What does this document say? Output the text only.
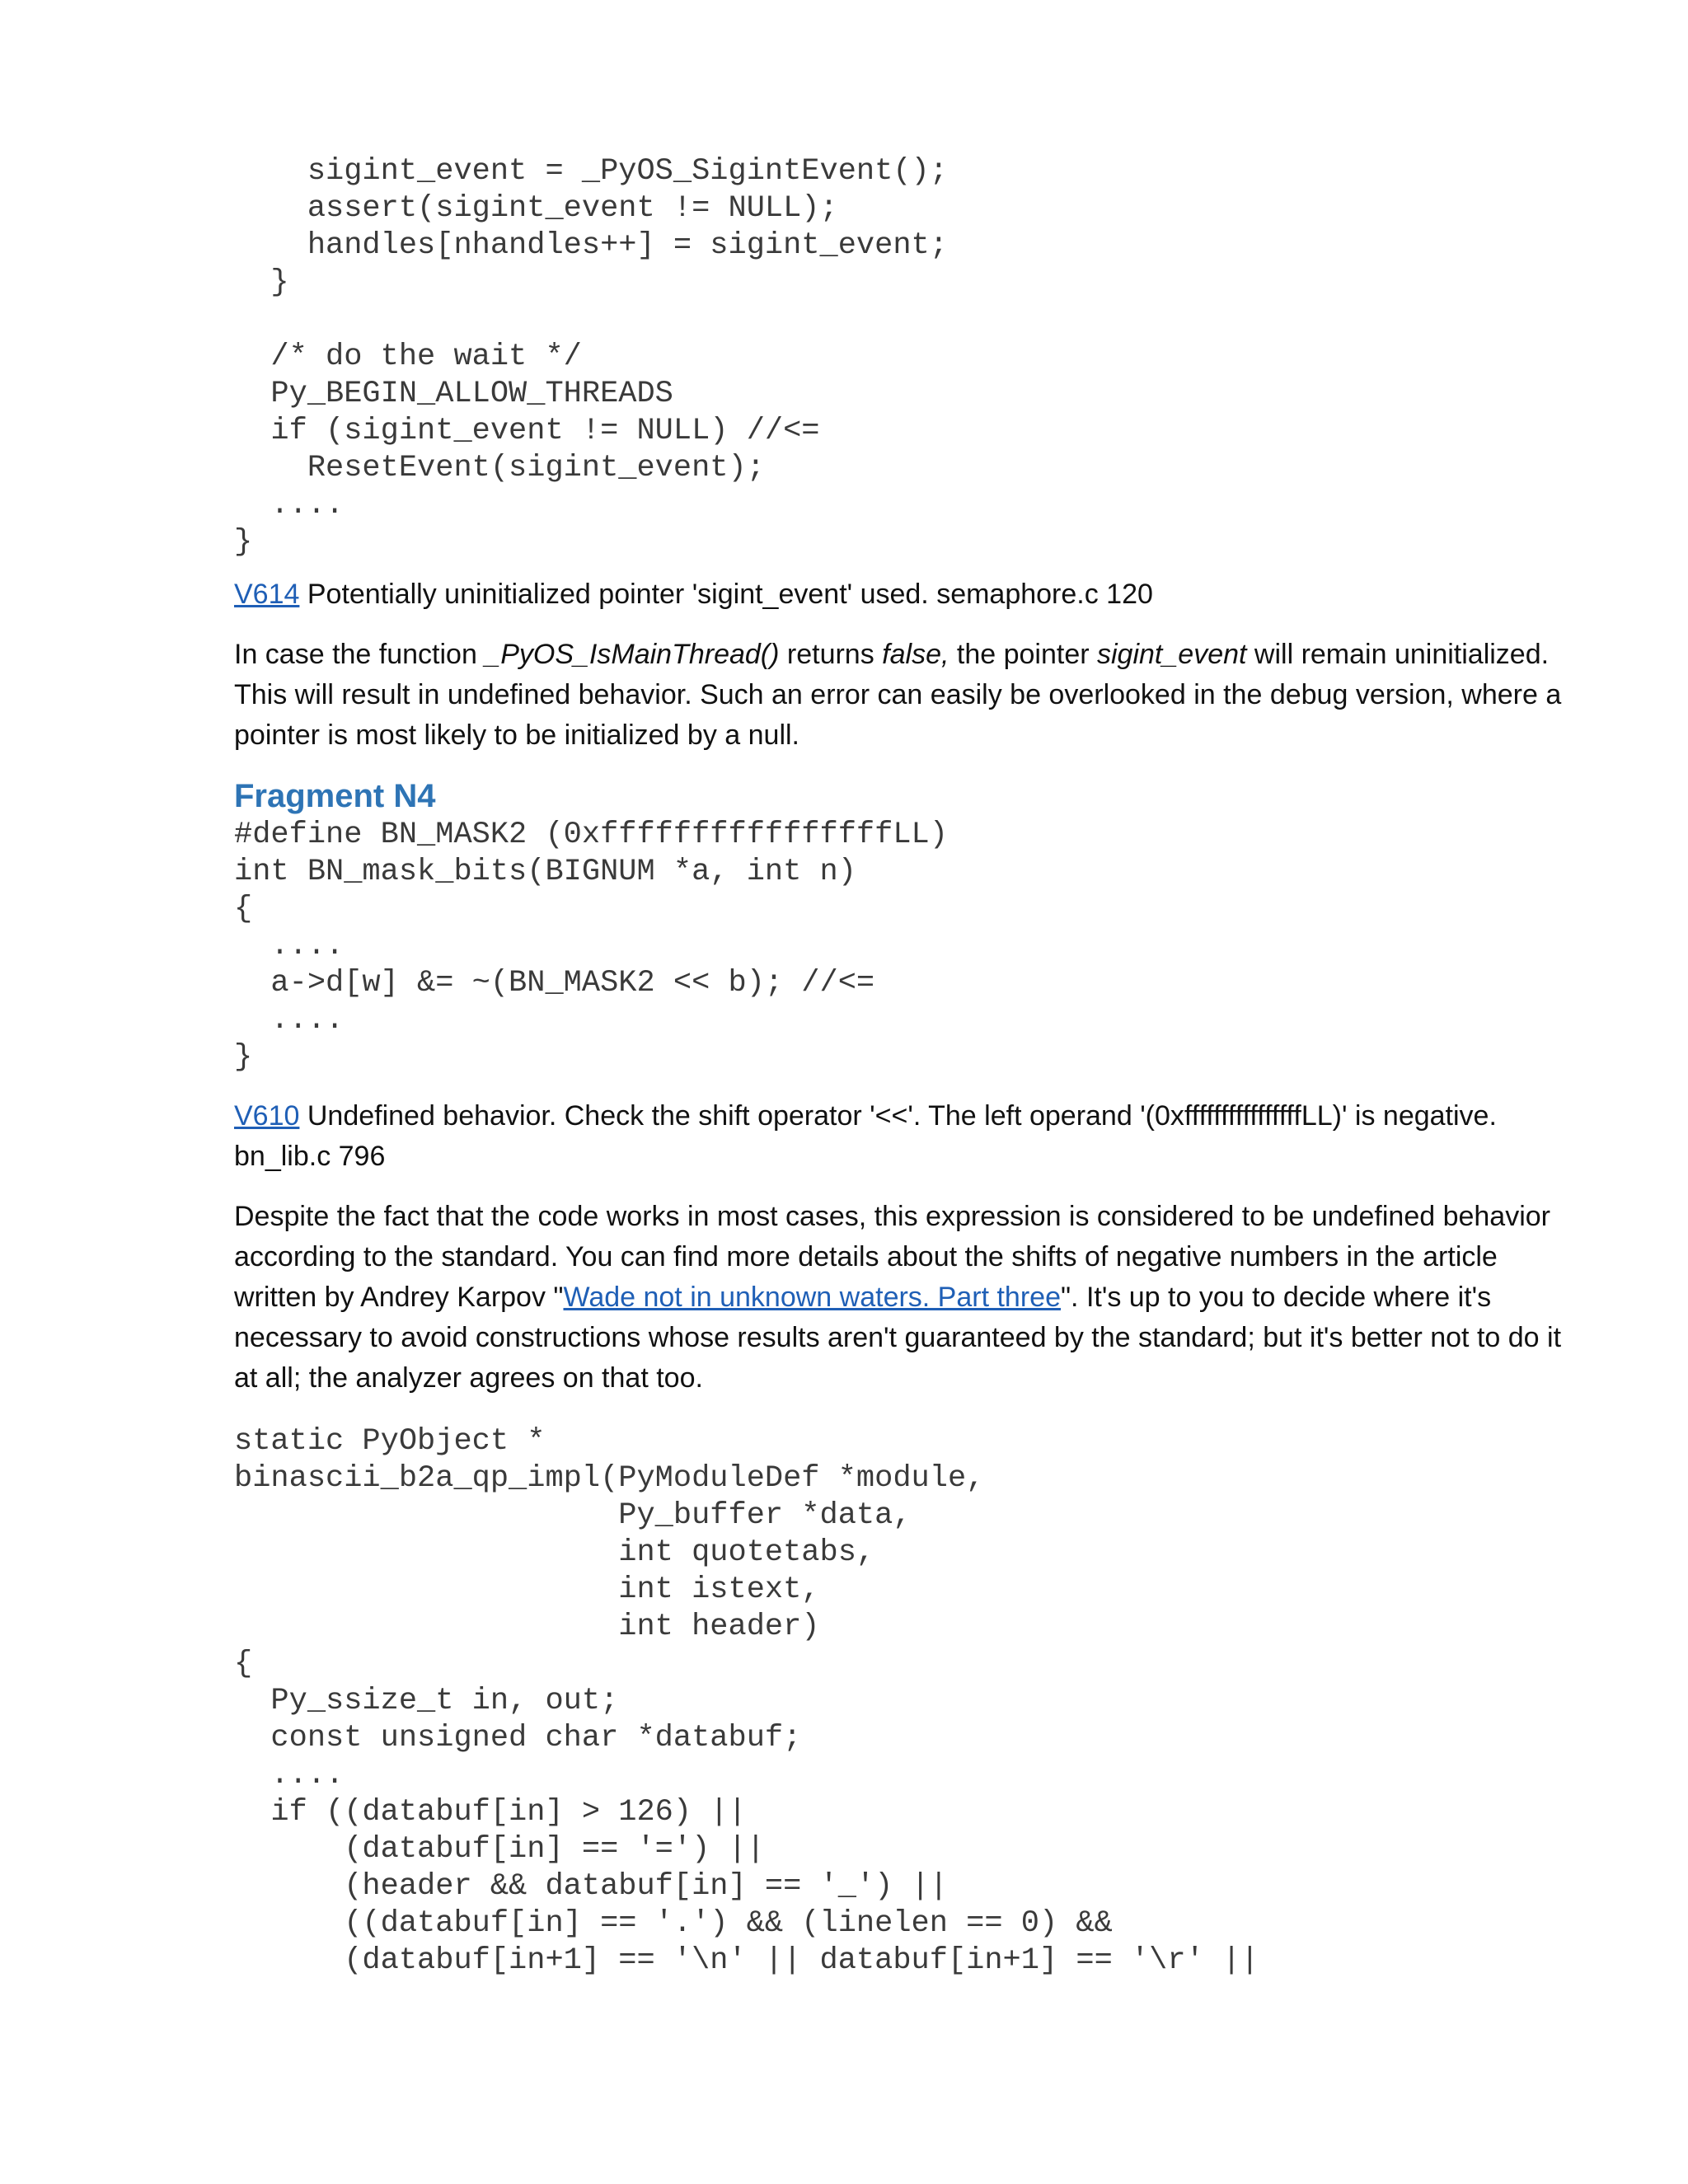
sigint_event = _PyOS_SigintEvent();
assert(sigint_event != NULL);
handles[nhandles++] = sigint_event;
}

/* do the wait */
Py_BEGIN_ALLOW_THREADS
if (sigint_event != NULL) //<=
ResetEvent(sigint_event);
....
}

V614 Potentially uninitialized pointer 'sigint_event' used. semaphore.c 120

In case the function _PyOS_IsMainThread() returns false, the pointer sigint_event will remain uninitialized. This will result in undefined behavior. Such an error can easily be overlooked in the debug version, where a pointer is most likely to be initialized by a null.

Fragment N4
#define BN_MASK2 (0xffffffffffffffffLL)
int BN_mask_bits(BIGNUM *a, int n)
{
....
a->d[w] &= ~(BN_MASK2 << b); //<=
....
}

V610 Undefined behavior. Check the shift operator '<<'. The left operand '(0xffffffffffffffffLL)' is negative. bn_lib.c 796

Despite the fact that the code works in most cases, this expression is considered to be undefined behavior according to the standard. You can find more details about the shifts of negative numbers in the article written by Andrey Karpov "Wade not in unknown waters. Part three". It's up to you to decide where it's necessary to avoid constructions whose results aren't guaranteed by the standard; but it's better not to do it at all; the analyzer agrees on that too.

static PyObject *
binascii_b2a_qp_impl(PyModuleDef *module,
Py_buffer *data,
int quotetabs,
int istext,
int header)
{
Py_ssize_t in, out;
const unsigned char *databuf;
....
if ((databuf[in] > 126) ||
(databuf[in] == '=') ||
(header && databuf[in] == '_') ||
((databuf[in] == '.') && (linelen == 0) &&
(databuf[in+1] == '\n' || databuf[in+1] == '\r' ||
